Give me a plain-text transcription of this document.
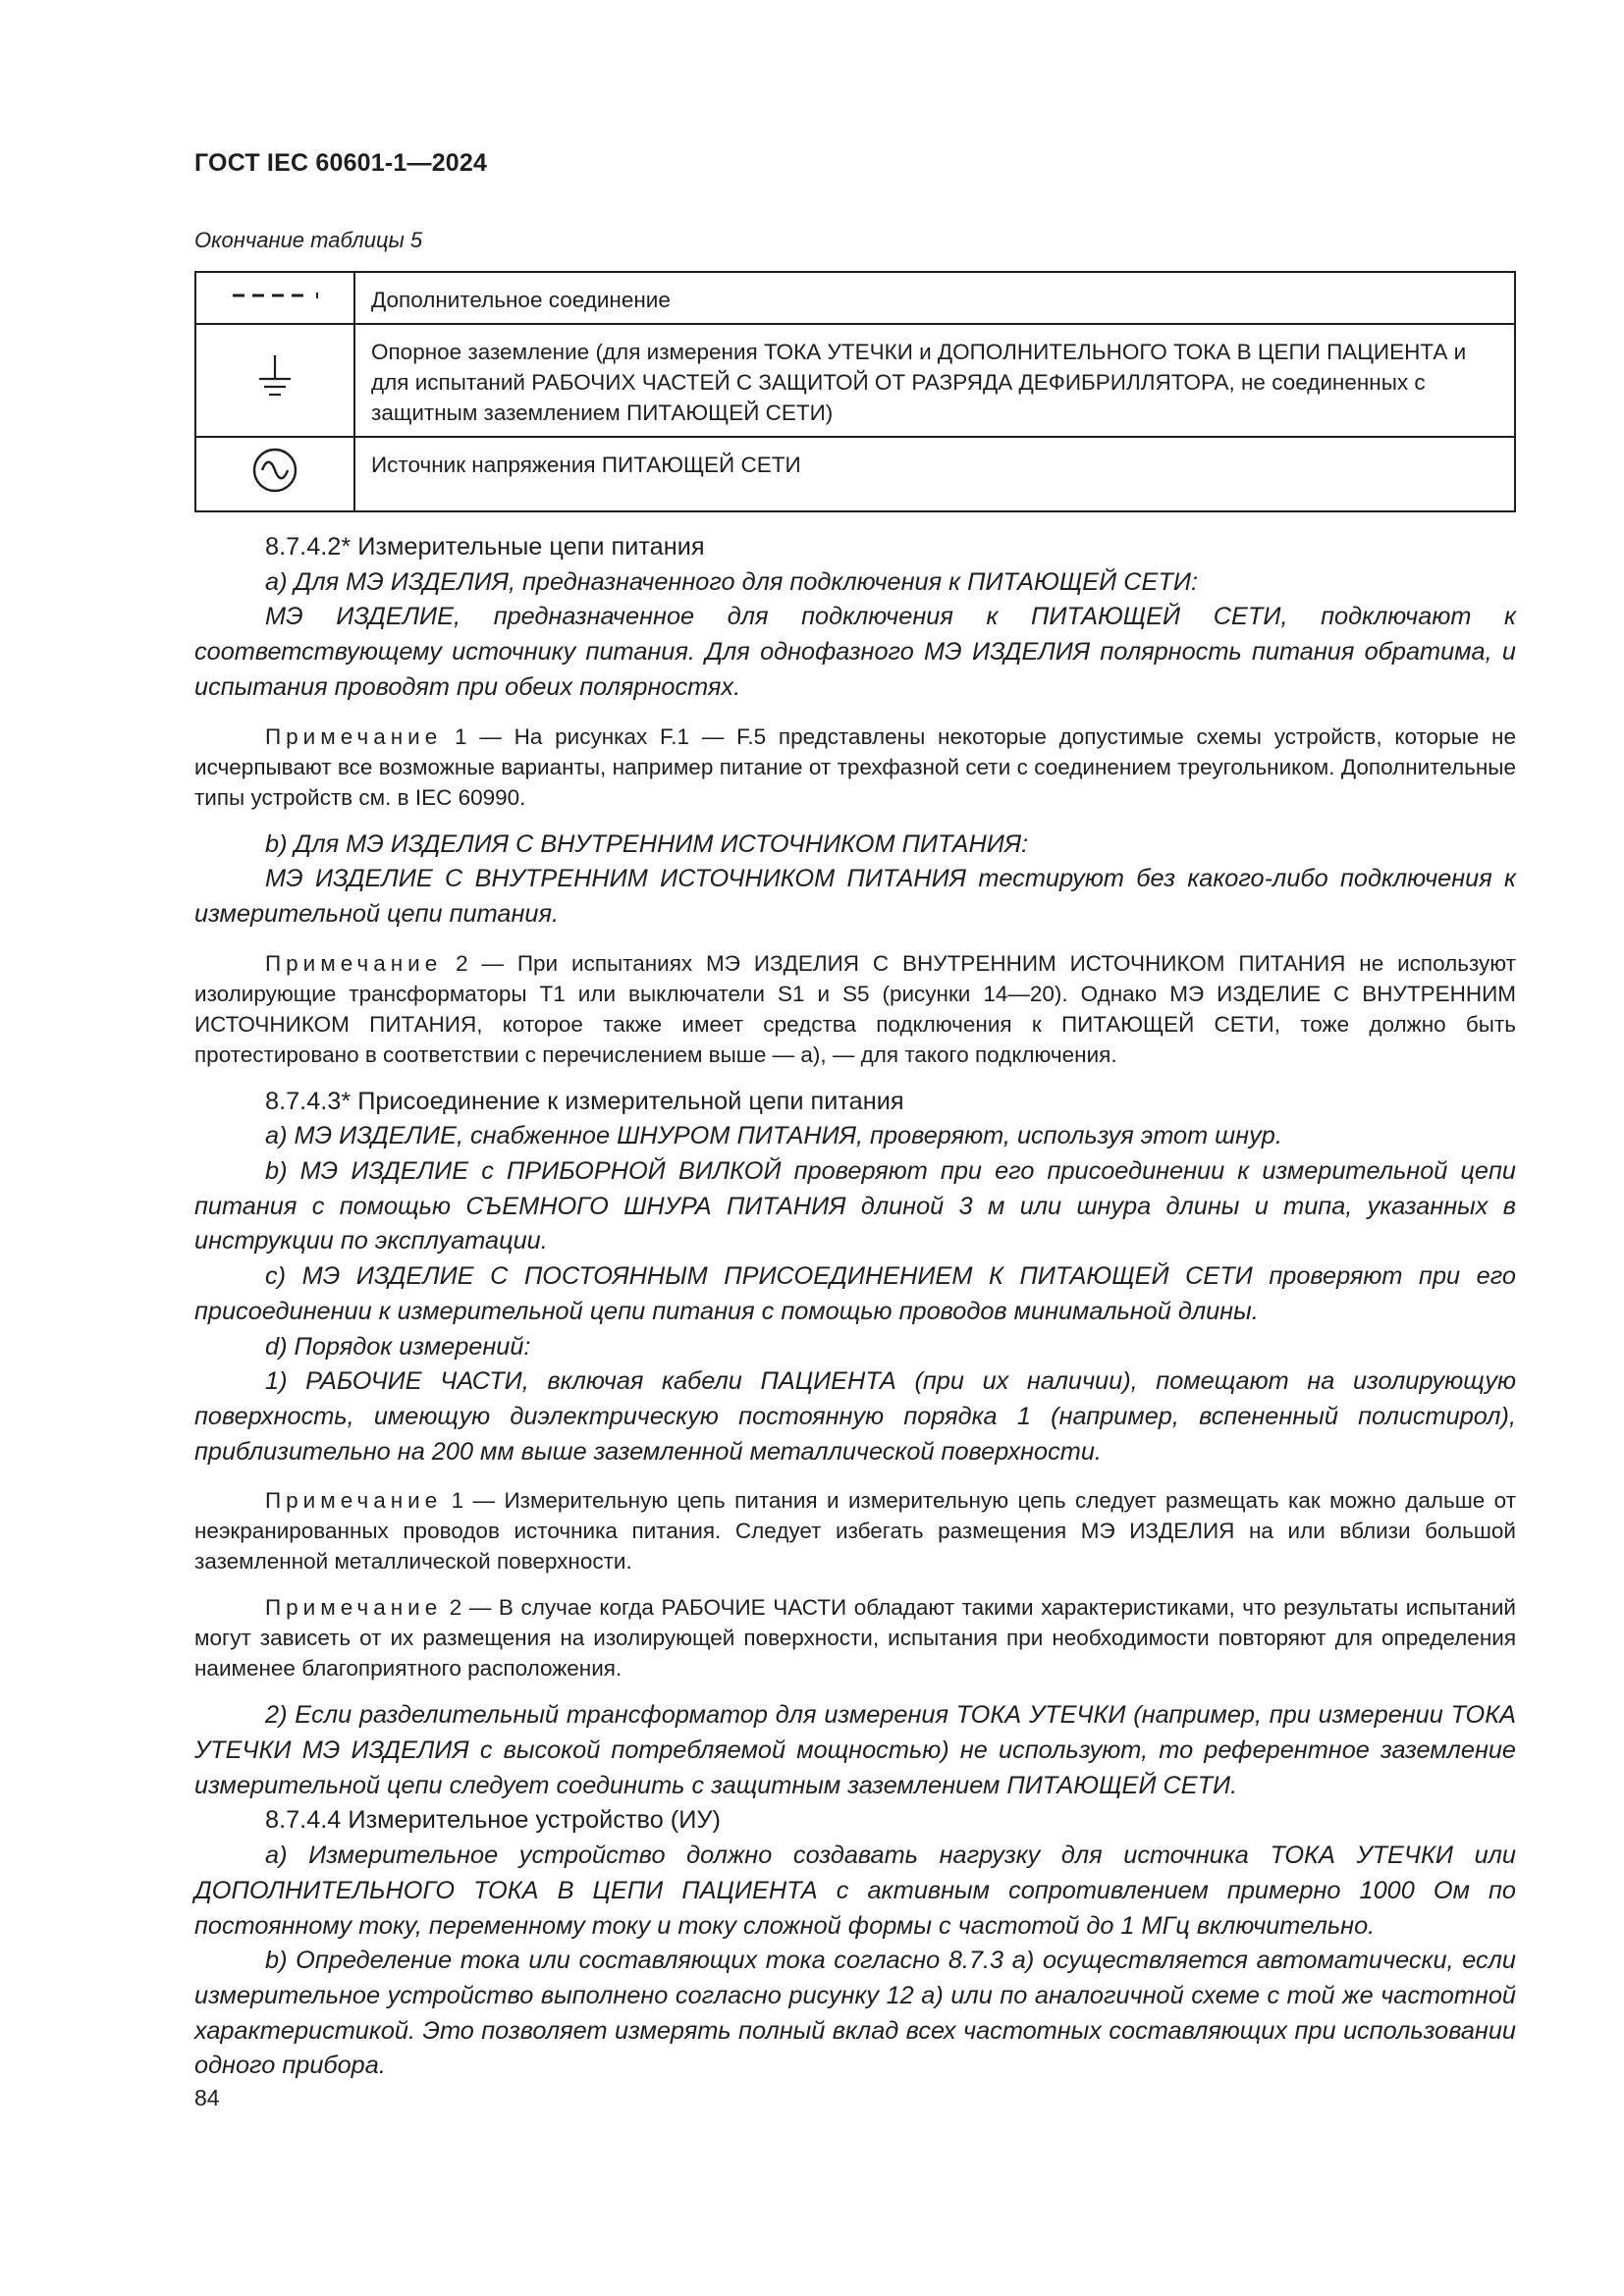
ГОСТ IEC 60601-1—2024
Окончание таблицы 5
	Дополнительное соединение
	Опорное заземление (для измерения ТОКА УТЕЧКИ и ДОПОЛНИТЕЛЬНОГО ТОКА В ЦЕПИ ПАЦИЕНТА и для испытаний РАБОЧИХ ЧАСТЕЙ С ЗАЩИТОЙ ОТ РАЗРЯДА ДЕФИБРИЛЛЯТОРА, не соединенных с защитным заземлением ПИТАЮЩЕЙ СЕТИ)
	Источник напряжения ПИТАЮЩЕЙ СЕТИ

8.7.4.2* Измерительные цепи питания

a) Для МЭ ИЗДЕЛИЯ, предназначенного для подключения к ПИТАЮЩЕЙ СЕТИ:

МЭ ИЗДЕЛИЕ, предназначенное для подключения к ПИТАЮЩЕЙ СЕТИ, подключают к соответствующему источнику питания. Для однофазного МЭ ИЗДЕЛИЯ полярность питания обратима, и испытания проводят при обеих полярностях.

Примечание 1 — На рисунках F.1 — F.5 представлены некоторые допустимые схемы устройств, которые не исчерпывают все возможные варианты, например питание от трехфазной сети с соединением треугольником. Дополнительные типы устройств см. в IEC 60990.

b) Для МЭ ИЗДЕЛИЯ С ВНУТРЕННИМ ИСТОЧНИКОМ ПИТАНИЯ:

МЭ ИЗДЕЛИЕ С ВНУТРЕННИМ ИСТОЧНИКОМ ПИТАНИЯ тестируют без какого-либо подключения к измерительной цепи питания.

Примечание 2 — При испытаниях МЭ ИЗДЕЛИЯ С ВНУТРЕННИМ ИСТОЧНИКОМ ПИТАНИЯ не используют изолирующие трансформаторы T1 или выключатели S1 и S5 (рисунки 14—20). Однако МЭ ИЗДЕЛИЕ С ВНУТРЕННИМ ИСТОЧНИКОМ ПИТАНИЯ, которое также имеет средства подключения к ПИТАЮЩЕЙ СЕТИ, тоже должно быть протестировано в соответствии с перечислением выше — a), — для такого подключения.

8.7.4.3* Присоединение к измерительной цепи питания

a) МЭ ИЗДЕЛИЕ, снабженное ШНУРОМ ПИТАНИЯ, проверяют, используя этот шнур.

b) МЭ ИЗДЕЛИЕ с ПРИБОРНОЙ ВИЛКОЙ проверяют при его присоединении к измерительной цепи питания с помощью СЪЕМНОГО ШНУРА ПИТАНИЯ длиной 3 м или шнура длины и типа, указанных в инструкции по эксплуатации.

c) МЭ ИЗДЕЛИЕ С ПОСТОЯННЫМ ПРИСОЕДИНЕНИЕМ К ПИТАЮЩЕЙ СЕТИ проверяют при его присоединении к измерительной цепи питания с помощью проводов минимальной длины.

d) Порядок измерений:

1) РАБОЧИЕ ЧАСТИ, включая кабели ПАЦИЕНТА (при их наличии), помещают на изолирующую поверхность, имеющую диэлектрическую постоянную порядка 1 (например, вспененный полистирол), приблизительно на 200 мм выше заземленной металлической поверхности.

Примечание 1 — Измерительную цепь питания и измерительную цепь следует размещать как можно дальше от неэкранированных проводов источника питания. Следует избегать размещения МЭ ИЗДЕЛИЯ на или вблизи большой заземленной металлической поверхности.

Примечание 2 — В случае когда РАБОЧИЕ ЧАСТИ обладают такими характеристиками, что результаты испытаний могут зависеть от их размещения на изолирующей поверхности, испытания при необходимости повторяют для определения наименее благоприятного расположения.

2) Если разделительный трансформатор для измерения ТОКА УТЕЧКИ (например, при измерении ТОКА УТЕЧКИ МЭ ИЗДЕЛИЯ с высокой потребляемой мощностью) не используют, то референтное заземление измерительной цепи следует соединить с защитным заземлением ПИТАЮЩЕЙ СЕТИ.

8.7.4.4 Измерительное устройство (ИУ)

a) Измерительное устройство должно создавать нагрузку для источника ТОКА УТЕЧКИ или ДОПОЛНИТЕЛЬНОГО ТОКА В ЦЕПИ ПАЦИЕНТА с активным сопротивлением примерно 1000 Ом по постоянному току, переменному току и току сложной формы с частотой до 1 МГц включительно.

b) Определение тока или составляющих тока согласно 8.7.3 a) осуществляется автоматически, если измерительное устройство выполнено согласно рисунку 12 a) или по аналогичной схеме с той же частотной характеристикой. Это позволяет измерять полный вклад всех частотных составляющих при использовании одного прибора.

84
